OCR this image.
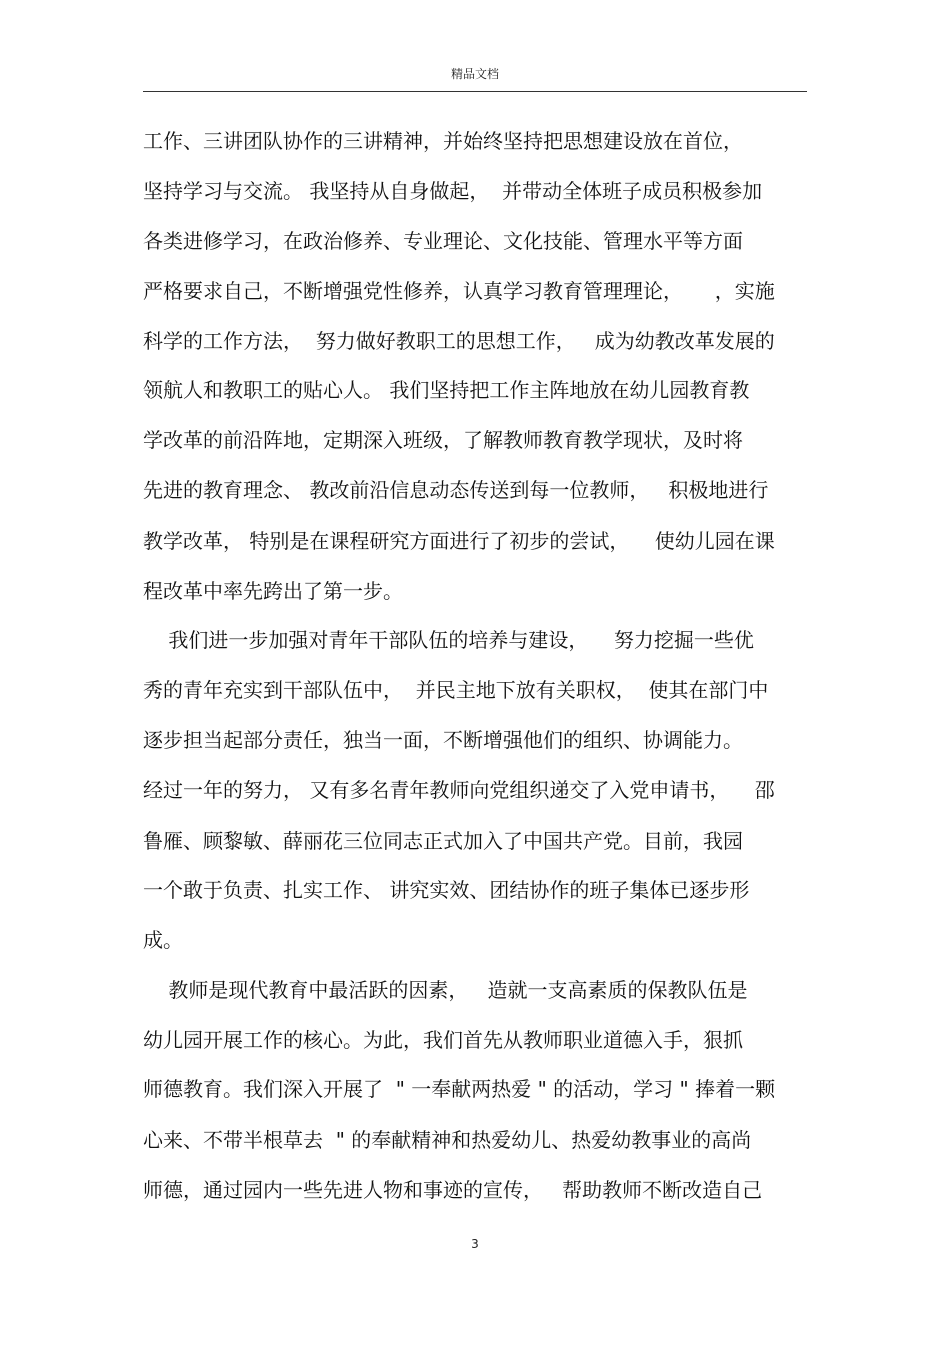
精品文档
工作、三讲团队协作的三讲精神，并始终坚持把思想建设放在首位，
坚持学习与交流。 我坚持从自身做起，  并带动全体班子成员积极参加
各类进修学习，在政治修养、专业理论、文化技能、管理水平等方面
严格要求自己，不断增强党性修养，认真学习教育管理理论，     ，实施
科学的工作方法，  努力做好教职工的思想工作，   成为幼教改革发展的
领航人和教职工的贴心人。 我们坚持把工作主阵地放在幼儿园教育教
学改革的前沿阵地，定期深入班级，了解教师教育教学现状，及时将
先进的教育理念、 教改前沿信息动态传送到每一位教师，   积极地进行
教学改革， 特别是在课程研究方面进行了初步的尝试，    使幼儿园在课
程改革中率先跨出了第一步。
我们进一步加强对青年干部队伍的培养与建设，    努力挖掘一些优
秀的青年充实到干部队伍中，  并民主地下放有关职权，  使其在部门中
逐步担当起部分责任，独当一面，不断增强他们的组织、协调能力。
经过一年的努力， 又有多名青年教师向党组织递交了入党申请书，    邵
鲁雁、顾黎敏、薛丽花三位同志正式加入了中国共产党。目前，我园
一个敢于负责、扎实工作、 讲究实效、团结协作的班子集体已逐步形
成。
教师是现代教育中最活跃的因素，   造就一支高素质的保教队伍是
幼儿园开展工作的核心。为此，我们首先从教师职业道德入手，狠抓
师德教育。我们深入开展了  " 一奉献两热爱 " 的活动，学习 " 捧着一颗
心来、不带半根草去  " 的奉献精神和热爱幼儿、热爱幼教事业的高尚
师德，通过园内一些先进人物和事迹的宣传，   帮助教师不断改造自己
3
